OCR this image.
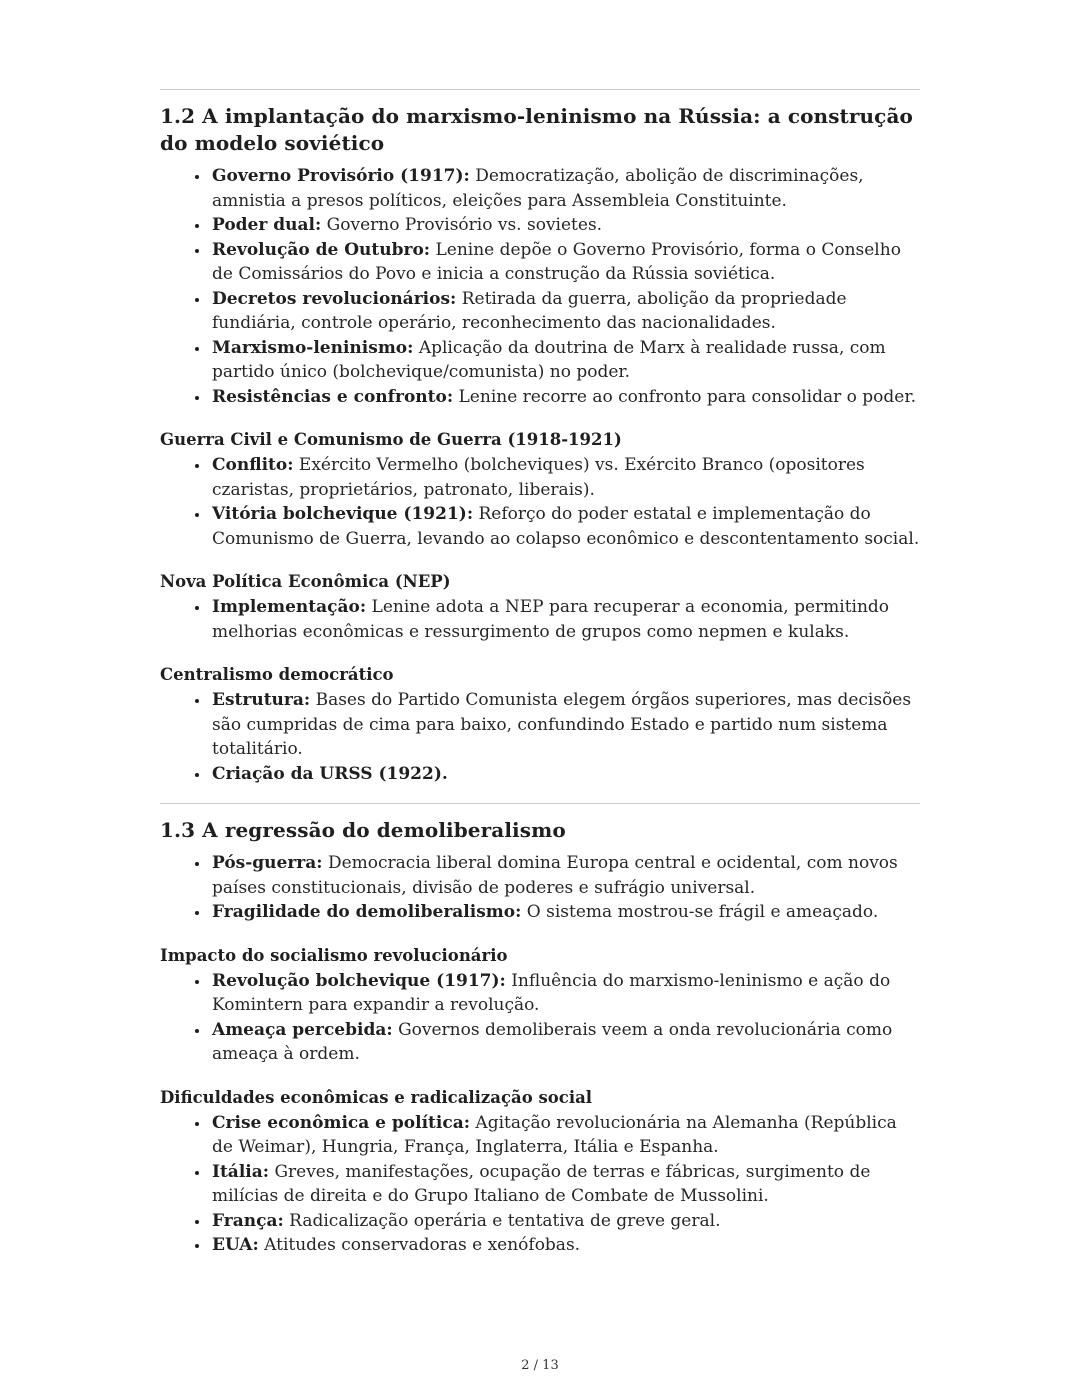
1.2 A implantação do marxismo-leninismo na Rússia: a construção do modelo soviético
• Governo Provisório (1917): Democratização, abolição de discriminações, amnistia a presos políticos, eleições para Assembleia Constituinte.
• Poder dual: Governo Provisório vs. sovietes.
• Revolução de Outubro: Lenine depõe o Governo Provisório, forma o Conselho de Comissários do Povo e inicia a construção da Rússia soviética.
• Decretos revolucionários: Retirada da guerra, abolição da propriedade fundiária, controle operário, reconhecimento das nacionalidades.
• Marxismo-leninismo: Aplicação da doutrina de Marx à realidade russa, com partido único (bolchevique/comunista) no poder.
• Resistências e confronto: Lenine recorre ao confronto para consolidar o poder.
Guerra Civil e Comunismo de Guerra (1918-1921)
• Conflito: Exército Vermelho (bolcheviques) vs. Exército Branco (opositores czaristas, proprietários, patronato, liberais).
• Vitória bolchevique (1921): Reforço do poder estatal e implementação do Comunismo de Guerra, levando ao colapso econômico e descontentamento social.
Nova Política Econômica (NEP)
• Implementação: Lenine adota a NEP para recuperar a economia, permitindo melhorias econômicas e ressurgimento de grupos como nepmen e kulaks.
Centralismo democrático
• Estrutura: Bases do Partido Comunista elegem órgãos superiores, mas decisões são cumpridas de cima para baixo, confundindo Estado e partido num sistema totalitário.
• Criação da URSS (1922).
1.3 A regressão do demoliberalismo
• Pós-guerra: Democracia liberal domina Europa central e ocidental, com novos países constitucionais, divisão de poderes e sufrágio universal.
• Fragilidade do demoliberalismo: O sistema mostrou-se frágil e ameaçado.
Impacto do socialismo revolucionário
• Revolução bolchevique (1917): Influência do marxismo-leninismo e ação do Komintern para expandir a revolução.
• Ameaça percebida: Governos demoliberais veem a onda revolucionária como ameaça à ordem.
Dificuldades econômicas e radicalização social
• Crise econômica e política: Agitação revolucionária na Alemanha (República de Weimar), Hungria, França, Inglaterra, Itália e Espanha.
• Itália: Greves, manifestações, ocupação de terras e fábricas, surgimento de milícias de direita e do Grupo Italiano de Combate de Mussolini.
• França: Radicalização operária e tentativa de greve geral.
• EUA: Atitudes conservadoras e xenófobas.
2 / 13
